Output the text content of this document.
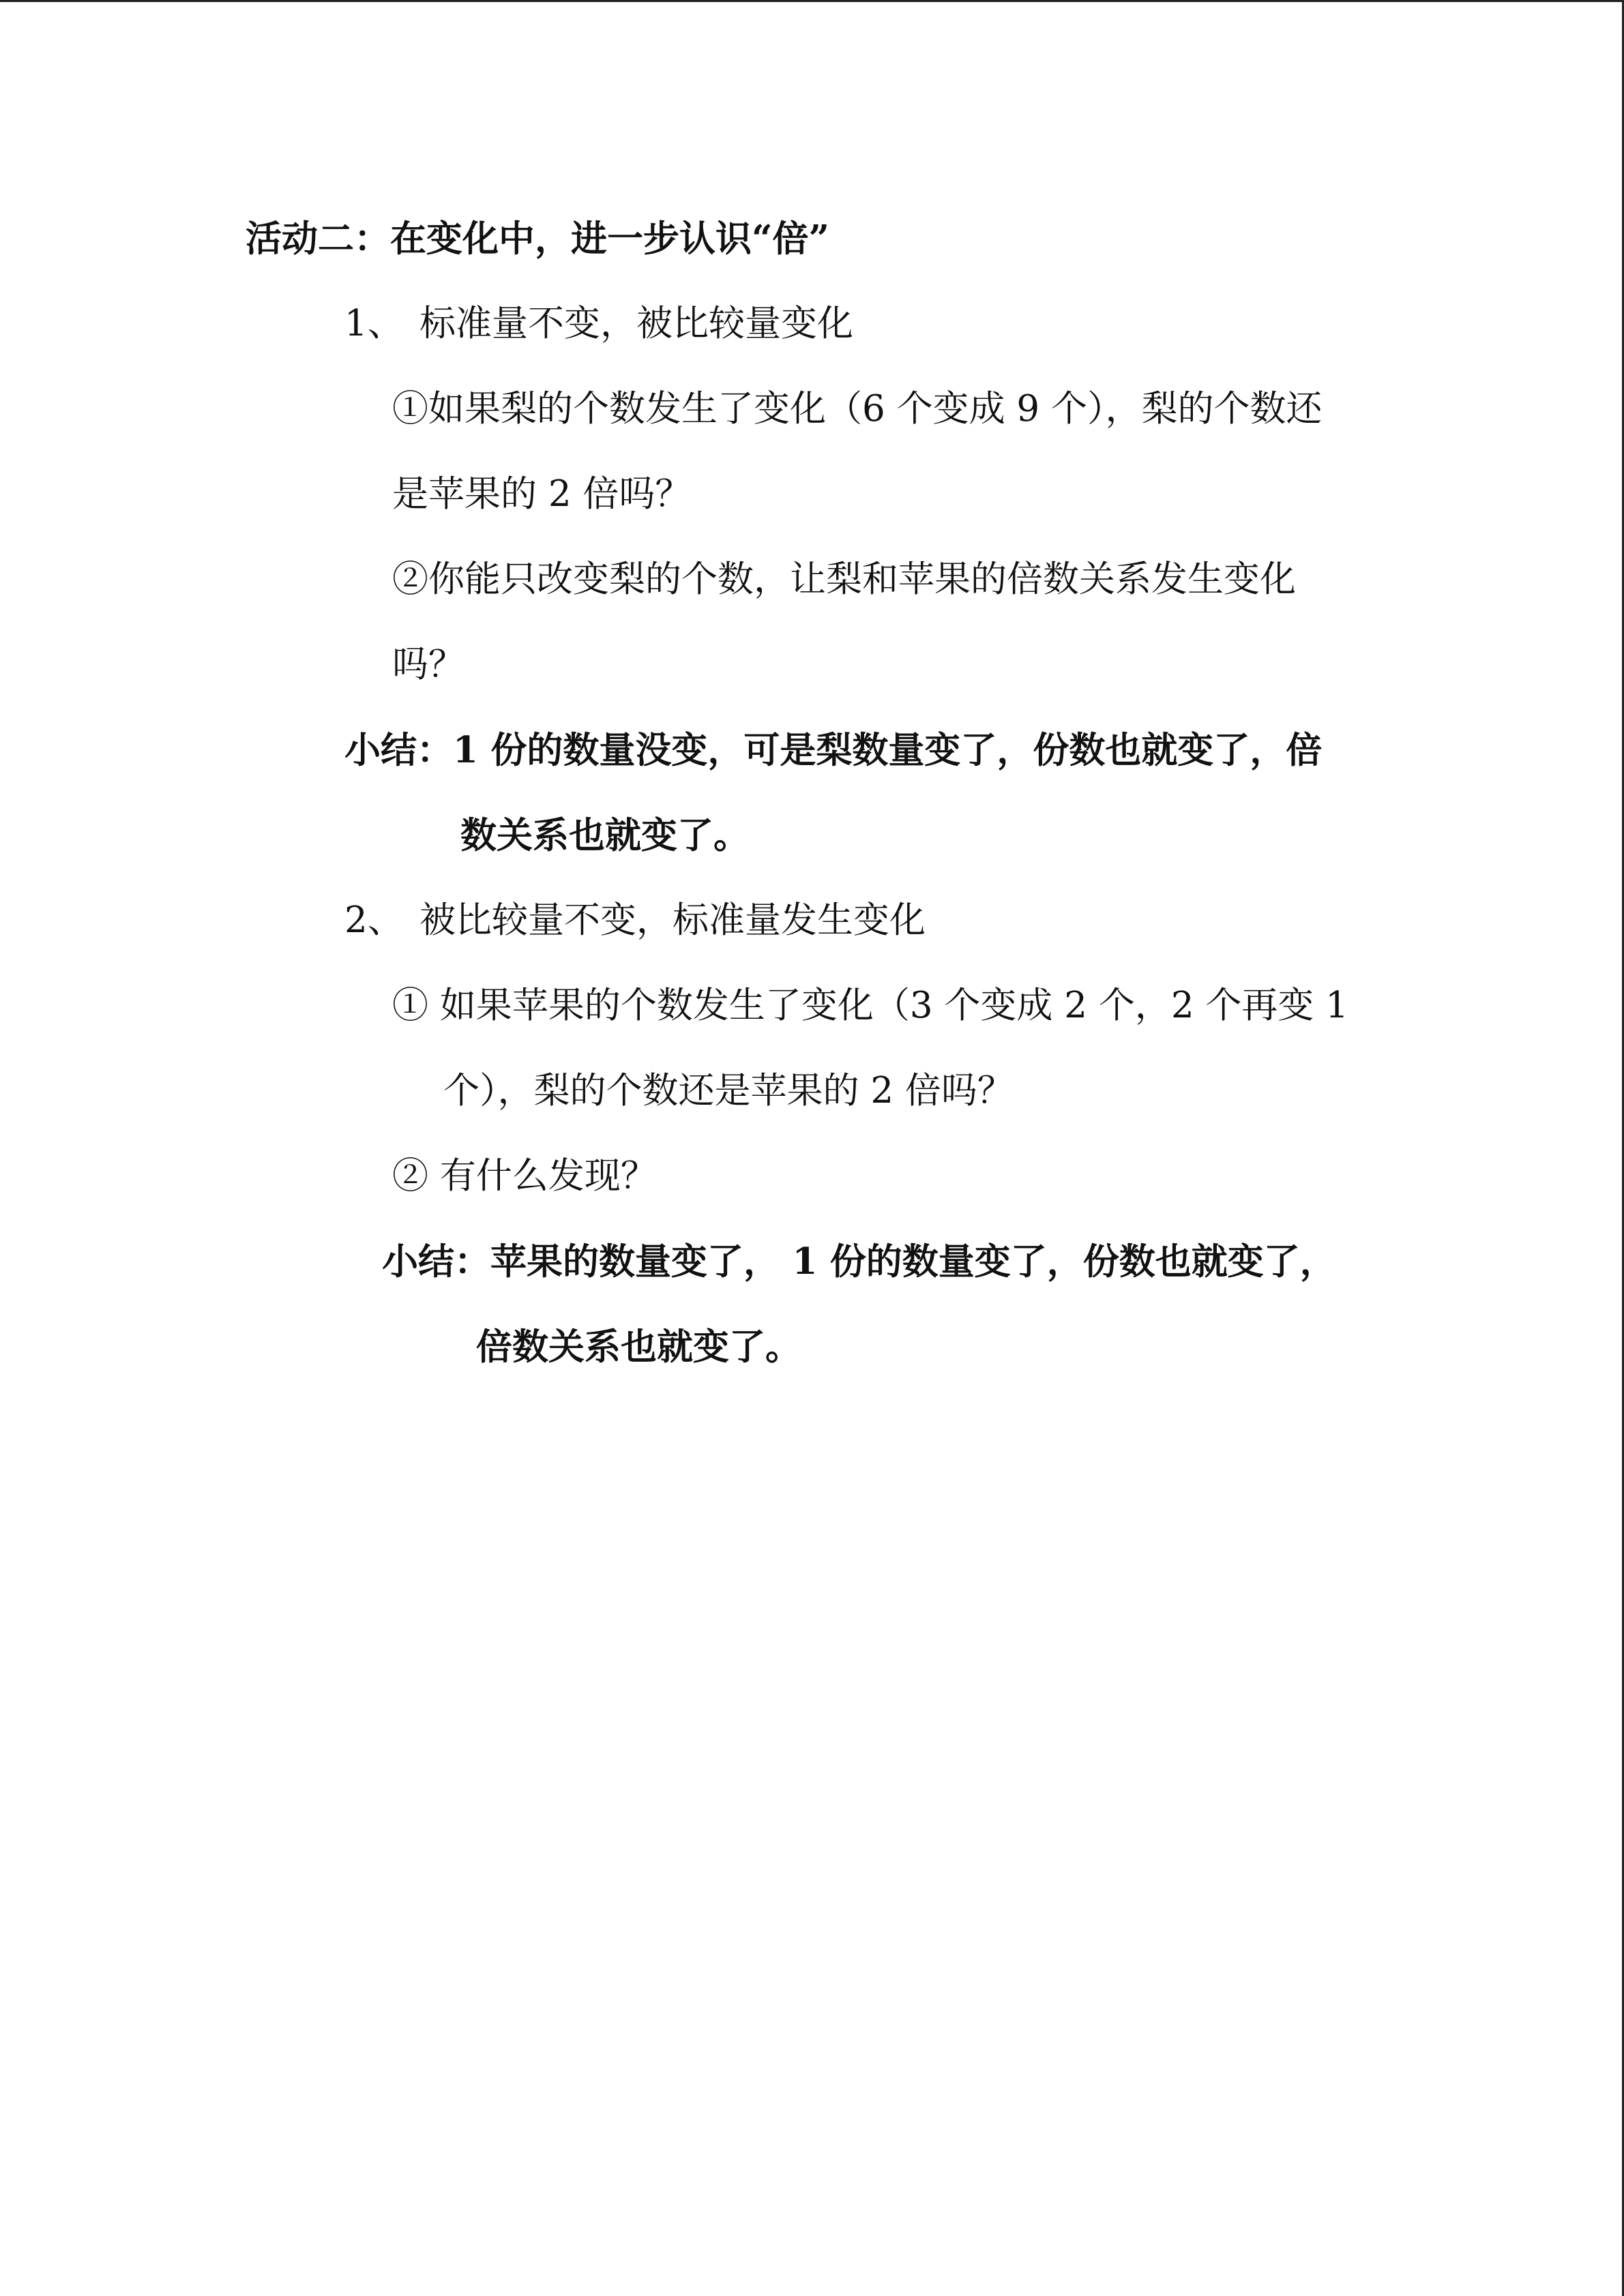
活动二：在变化中，进一步认识“倍”
1、 标准量不变，被比较量变化
①如果梨的个数发生了变化（6 个变成 9 个），梨的个数还
是苹果的 2 倍吗？
②你能只改变梨的个数，让梨和苹果的倍数关系发生变化
吗？
小结：1 份的数量没变，可是梨数量变了，份数也就变了，倍
数关系也就变了。
2、 被比较量不变，标准量发生变化
① 如果苹果的个数发生了变化（3 个变成 2 个，2 个再变 1
个），梨的个数还是苹果的 2 倍吗？
② 有什么发现？
小结：苹果的数量变了， 1 份的数量变了，份数也就变了，
倍数关系也就变了。
